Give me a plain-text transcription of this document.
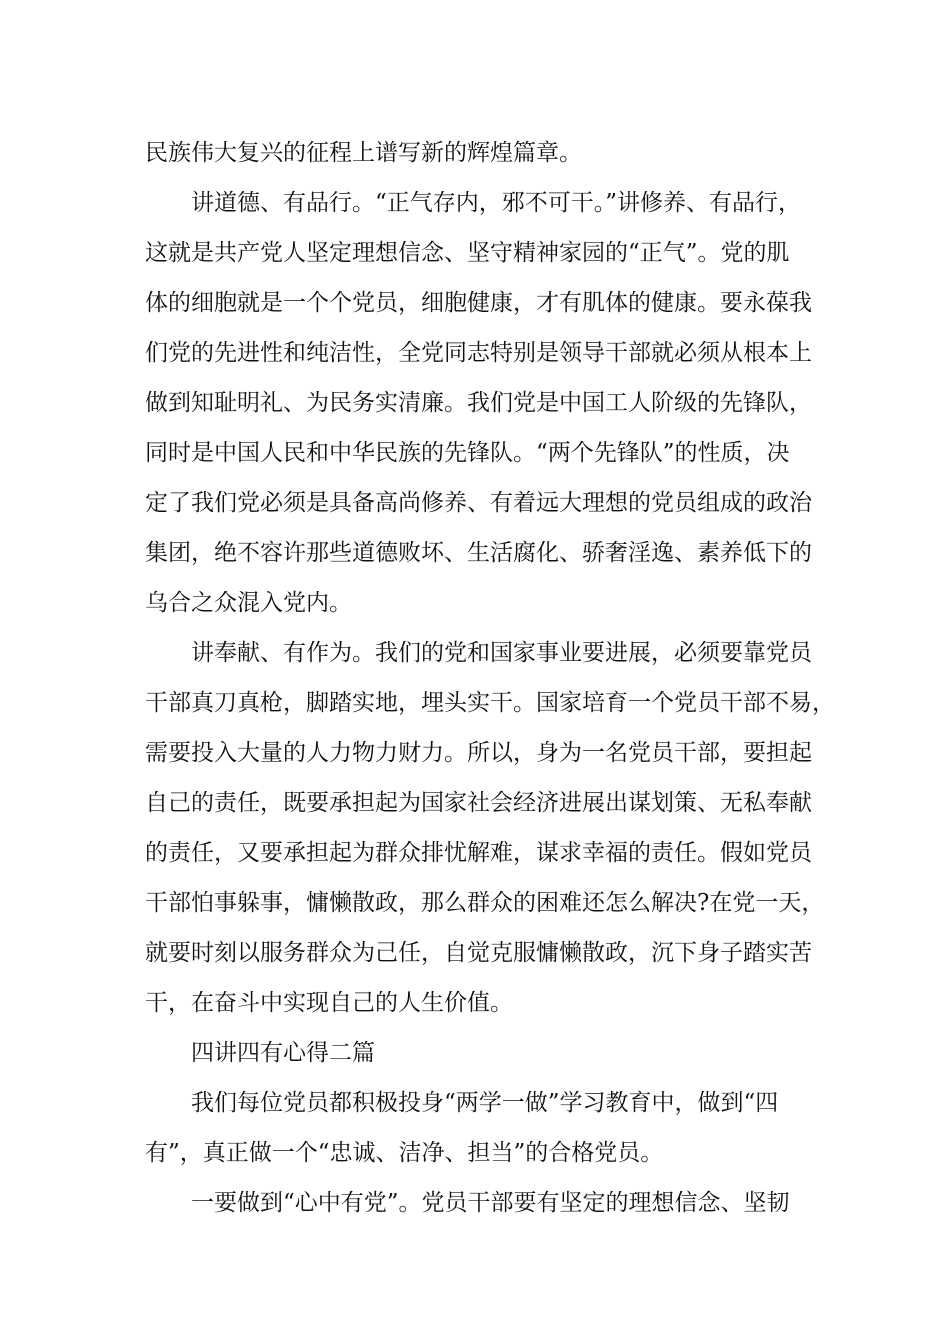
民族伟大复兴的征程上谱写新的辉煌篇章。
讲道德、有品行。“正气存内，邪不可干。”讲修养、有品行，
这就是共产党人坚定理想信念、坚守精神家园的“正气”。党的肌
体的细胞就是一个个党员，细胞健康，才有肌体的健康。要永葆我
们党的先进性和纯洁性，全党同志特别是领导干部就必须从根本上
做到知耻明礼、为民务实清廉。我们党是中国工人阶级的先锋队，
同时是中国人民和中华民族的先锋队。“两个先锋队”的性质，决
定了我们党必须是具备高尚修养、有着远大理想的党员组成的政治
集团，绝不容许那些道德败坏、生活腐化、骄奢淫逸、素养低下的
乌合之众混入党内。
讲奉献、有作为。我们的党和国家事业要进展，必须要靠党员
干部真刀真枪，脚踏实地，埋头实干。国家培育一个党员干部不易，
需要投入大量的人力物力财力。所以，身为一名党员干部，要担起
自己的责任，既要承担起为国家社会经济进展出谋划策、无私奉献
的责任，又要承担起为群众排忧解难，谋求幸福的责任。假如党员
干部怕事躲事，慵懒散政，那么群众的困难还怎么解决?在党一天，
就要时刻以服务群众为己任，自觉克服慵懒散政，沉下身子踏实苦
干，在奋斗中实现自己的人生价值。
四讲四有心得二篇
我们每位党员都积极投身“两学一做”学习教育中，做到“四
有”，真正做一个“忠诚、洁净、担当”的合格党员。
一要做到“心中有党”。党员干部要有坚定的理想信念、坚韧
